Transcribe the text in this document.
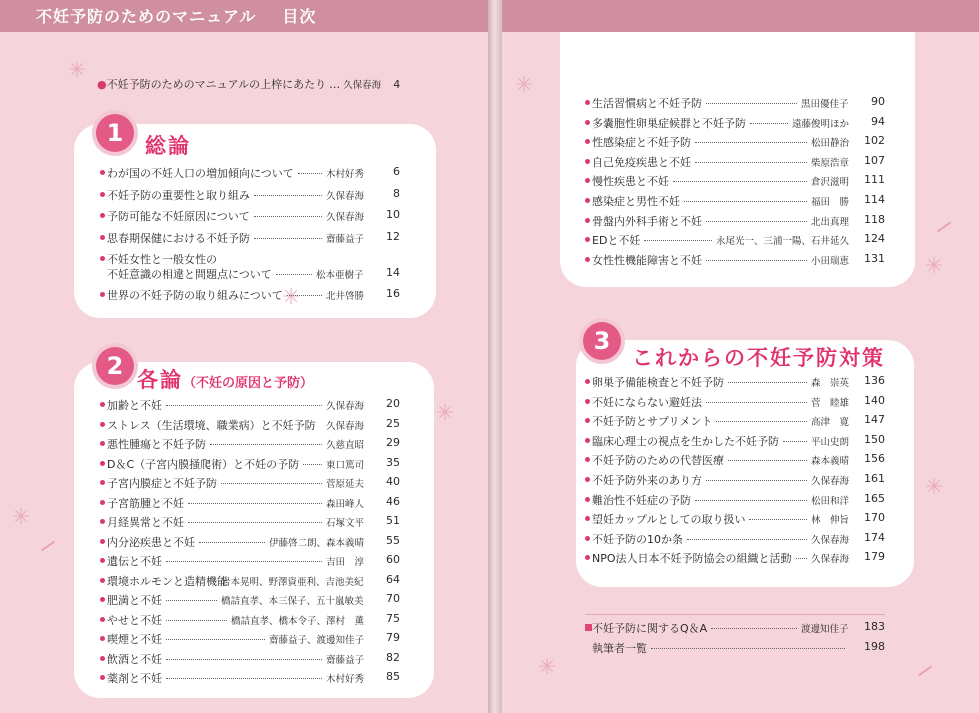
不妊予防のためのマニュアル 目次
●不妊予防のためのマニュアルの上梓にあたり … 久保春海 4
1	総論
2 各論（不妊の原因と予防）
3
これからの不妊予防対策
✳
✳
✳
✳
✳
✳
✳
✳
わが国の不妊人口の増加傾向について	木村好秀	6
不妊予防の重要性と取り組み	久保春海	8
予防可能な不妊原因について	久保春海	10
思春期保健における不妊予防	齋藤益子	12
不妊女性と一般女性の
不妊意識の相違と問題点について	松本亜樹子	14
世界の不妊予防の取り組みについて	北井啓勝	16
加齢と不妊	久保春海	20
ストレス（生活環境、職業病）と不妊予防 久保春海	25
悪性腫瘍と不妊予防	久慈直昭	29
D＆C（子宮内膜掻爬術）と不妊の予防	東口篤司	35
子宮内膜症と不妊予防	菅原延夫	40
子宮筋腫と不妊	森田峰人	46
月経異常と不妊	石塚文平	51
内分泌疾患と不妊	伊藤啓二朗、森本義晴	55
遺伝と不妊	吉田　淳	60
環境ホルモンと造精機能
岩本晃明、野澤資亜利、吉池美紀	64
肥満と不妊	橋詰直孝、本三保子、五十嵐敏美	70
やせと不妊	橋詰直孝、橋本令子、澤村　薫	75
喫煙と不妊	齋藤益子、渡邊知佳子	79
飲酒と不妊	齋藤益子	82
薬剤と不妊	木村好秀	85
生活習慣病と不妊予防	黒田優佳子	90
多嚢胞性卵巣症候群と不妊予防	遠藤俊明ほか	94
性感染症と不妊予防	松田静治	102
自己免疫疾患と不妊	柴原浩章	107
慢性疾患と不妊	倉沢滋明	111
感染症と男性不妊	福田　勝	114
骨盤内外科手術と不妊	北出真理	118
EDと不妊	永尾光一、三浦一陽、石井延久	124
女性性機能障害と不妊	小田瑞恵	131
卵巣予備能検査と不妊予防	森　崇英	136
不妊にならない避妊法	菅　睦雄	140
不妊予防とサプリメント	高津　寛	147
臨床心理士の視点を生かした不妊予防	平山史朗	150
不妊予防のための代替医療	森本義晴	156
不妊予防外来のあり方	久保春海	161
難治性不妊症の予防	松田和洋	165
望妊カップルとしての取り扱い	林　伸旨	170
不妊予防の10か条	久保春海	174
NPO法人日本不妊予防協会の組織と活動 久保春海	179
不妊予防に関するQ＆A	渡邊知佳子	183
執筆者一覧	198
